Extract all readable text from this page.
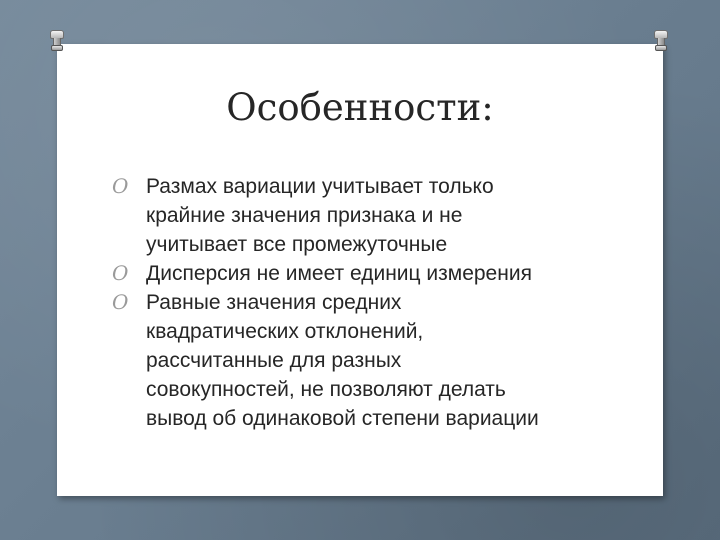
Особенности:
O Размах вариации учитывает только
крайние значения признака и не
учитывает все промежуточные
O Дисперсия не имеет единиц измерения
O Равные значения средних
квадратических отклонений,
рассчитанные для разных
совокупностей, не позволяют делать
вывод об одинаковой степени вариации
